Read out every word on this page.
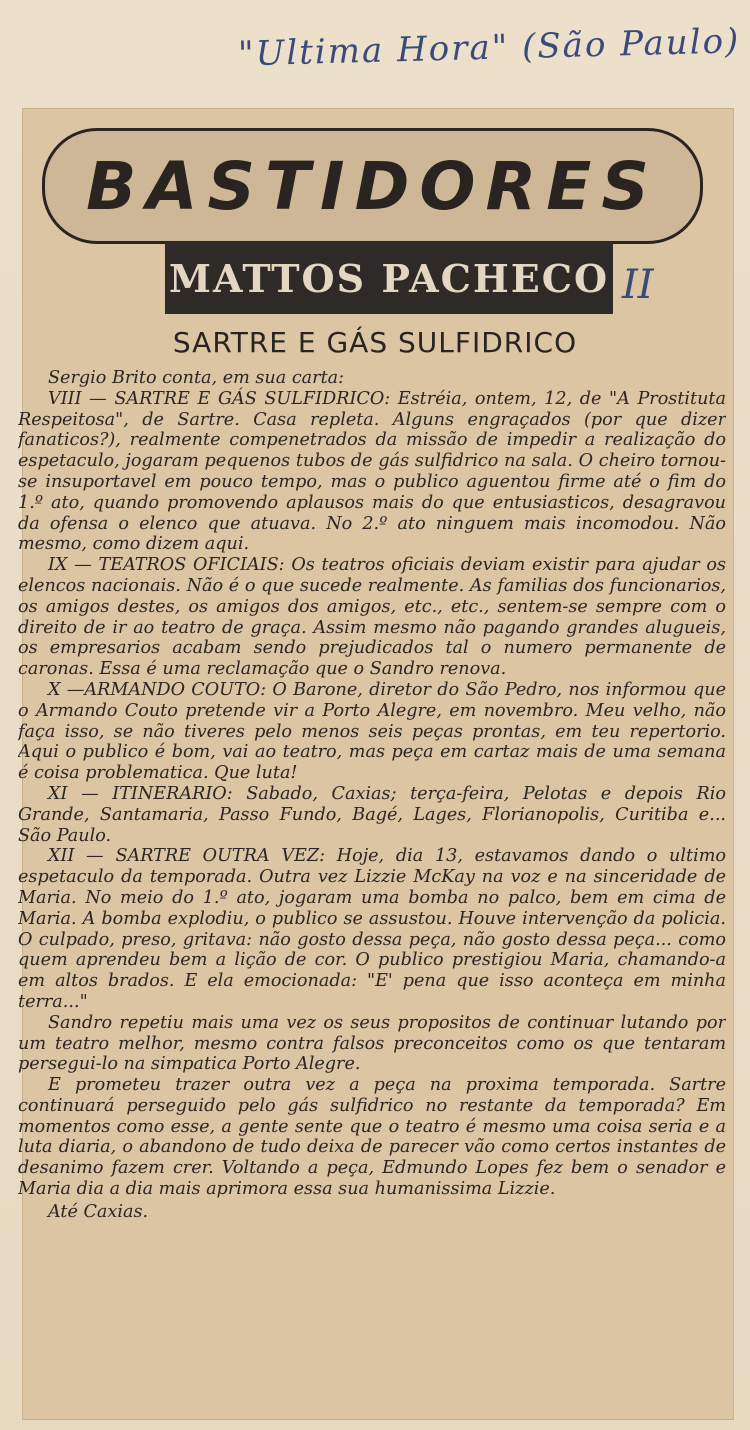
"Ultima Hora" (São Paulo)
BASTIDORES
MATTOS PACHECO II
SARTRE E GÁS SULFIDRICO

Sergio Brito conta, em sua carta:

VIII — SARTRE E GÁS SULFIDRICO: Estréia, ontem, 12, de "A Prostituta Respeitosa", de Sartre. Casa repleta. Alguns engraçados (por que dizer fanaticos?), realmente compenetrados da missão de impedir a realização do espetaculo, jogaram pequenos tubos de gás sulfidrico na sala. O cheiro tornou-se insuportavel em pouco tempo, mas o publico aguentou firme até o fim do 1.º ato, quando promovendo aplausos mais do que entusiasticos, desagravou da ofensa o elenco que atuava. No 2.º ato ninguem mais incomodou. Não mesmo, como dizem aqui.

IX — TEATROS OFICIAIS: Os teatros oficiais deviam existir para ajudar os elencos nacionais. Não é o que sucede realmente. As familias dos funcionarios, os amigos destes, os amigos dos amigos, etc., etc., sentem-se sempre com o direito de ir ao teatro de graça. Assim mesmo não pagando grandes alugueis, os empresarios acabam sendo prejudicados tal o numero permanente de caronas. Essa é uma reclamação que o Sandro renova.

X —ARMANDO COUTO: O Barone, diretor do São Pedro, nos informou que o Armando Couto pretende vir a Porto Alegre, em novembro. Meu velho, não faça isso, se não tiveres pelo menos seis peças prontas, em teu repertorio. Aqui o publico é bom, vai ao teatro, mas peça em cartaz mais de uma semana é coisa problematica. Que luta!

XI — ITINERARIO: Sabado, Caxias; terça-feira, Pelotas e depois Rio Grande, Santamaria, Passo Fundo, Bagé, Lages, Florianopolis, Curitiba e... São Paulo.

XII — SARTRE OUTRA VEZ: Hoje, dia 13, estavamos dando o ultimo espetaculo da temporada. Outra vez Lizzie McKay na voz e na sinceridade de Maria. No meio do 1.º ato, jogaram uma bomba no palco, bem em cima de Maria. A bomba explodiu, o publico se assustou. Houve intervenção da policia. O culpado, preso, gritava: não gosto dessa peça, não gosto dessa peça... como quem aprendeu bem a lição de cor. O publico prestigiou Maria, chamando-a em altos brados. E ela emocionada: "E' pena que isso aconteça em minha terra..."

Sandro repetiu mais uma vez os seus propositos de continuar lutando por um teatro melhor, mesmo contra falsos preconceitos como os que tentaram persegui-lo na simpatica Porto Alegre.

E prometeu trazer outra vez a peça na proxima temporada. Sartre continuará perseguido pelo gás sulfidrico no restante da temporada? Em momentos como esse, a gente sente que o teatro é mesmo uma coisa seria e a luta diaria, o abandono de tudo deixa de parecer vão como certos instantes de desanimo fazem crer. Voltando a peça, Edmundo Lopes fez bem o senador e Maria dia a dia mais aprimora essa sua humanissima Lizzie.

Até Caxias.
